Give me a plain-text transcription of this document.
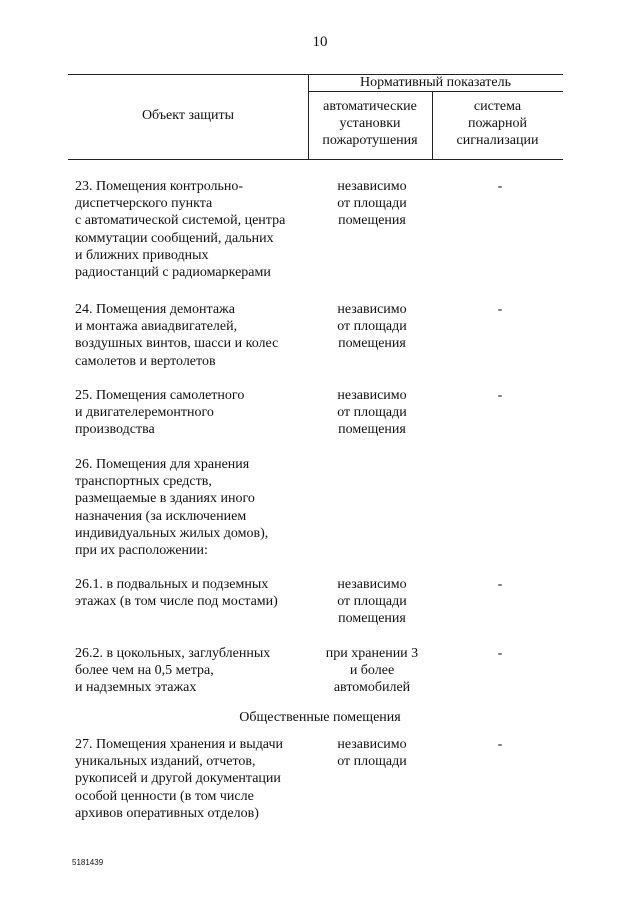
10
Объект защиты
Нормативный показатель
автоматические
установки
пожаротушения
система
пожарной
сигнализации
23. Помещения контрольно-
диспетчерского пункта
с автоматической системой, центра
коммутации сообщений, дальних
и ближних приводных
радиостанций с радиомаркерами
независимо
от площади
помещения
-
24. Помещения демонтажа
и монтажа авиадвигателей,
воздушных винтов, шасси и колес
самолетов и вертолетов
независимо
от площади
помещения
-
25. Помещения самолетного
и двигателеремонтного
производства
независимо
от площади
помещения
-
26. Помещения для хранения
транспортных средств,
размещаемые в зданиях иного
назначения (за исключением
индивидуальных жилых домов),
при их расположении:
26.1. в подвальных и подземных
этажах (в том числе под мостами)
независимо
от площади
помещения
-
26.2. в цокольных, заглубленных
более чем на 0,5 метра,
и надземных этажах
при хранении 3
и более
автомобилей
-
Общественные помещения
27. Помещения хранения и выдачи
уникальных изданий, отчетов,
рукописей и другой документации
особой ценности (в том числе
архивов оперативных отделов)
независимо
от площади
-
5181439
